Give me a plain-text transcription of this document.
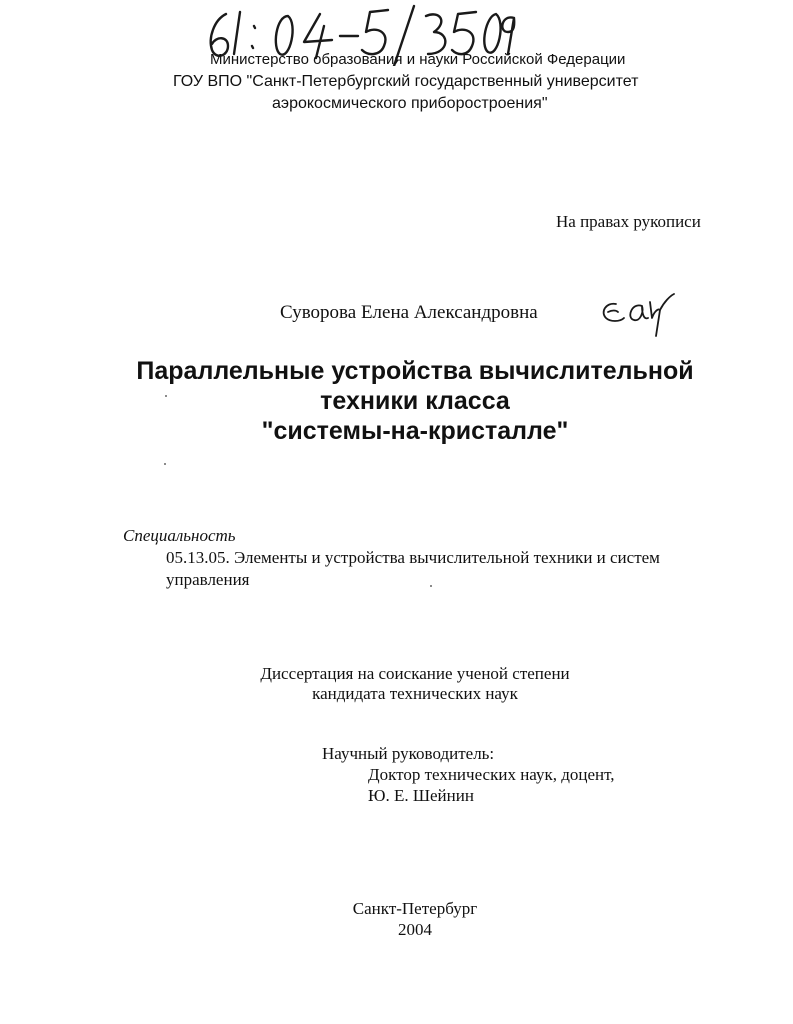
Министерство образования и науки Российской Федерации
ГОУ ВПО "Санкт-Петербургский государственный университет
аэрокосмического приборостроения"
На правах рукописи
Суворова Елена Александровна
Параллельные устройства вычислительной
техники класса
"системы-на-кристалле"
Специальность
05.13.05. Элементы и устройства вычислительной техники и систем управления
Диссертация на соискание ученой степени
кандидата технических наук
Научный руководитель:
Доктор технических наук, доцент,
Ю. Е. Шейнин
Санкт-Петербург
2004
